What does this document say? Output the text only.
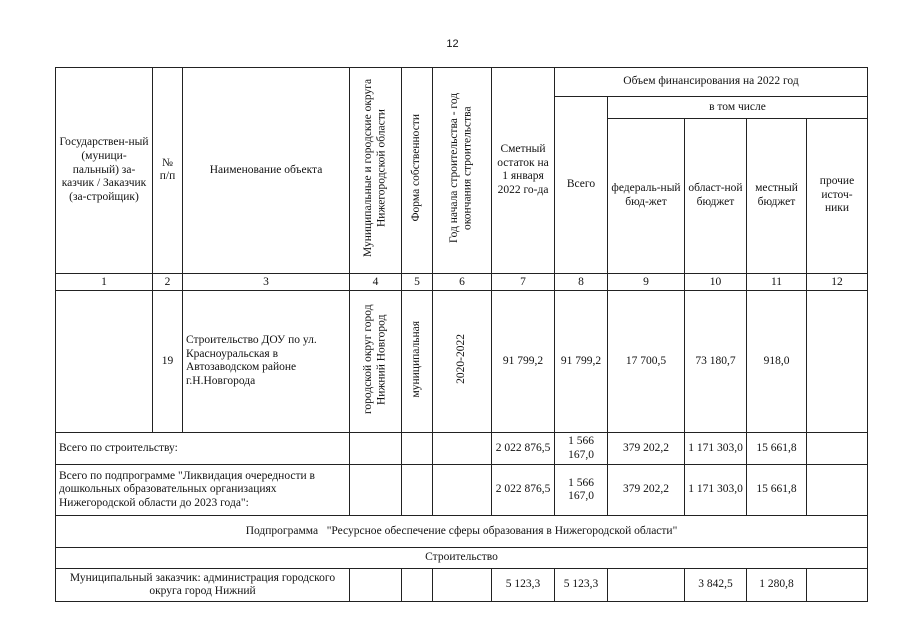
12
Государствен-ный (муници-пальный) за-казчик / Заказчик (за-стройщик)	№ п/п	Наименование объекта	Муниципальные и городские округа Нижегородской области	Форма собственности	Год начала строительства - год окончания строительства	Сметный остаток на 1 января 2022 го-да	Объем финансирования на 2022 год				
							Всего	в том числе			
								федераль-ный бюд-жет	област-ной бюджет	местный бюджет	прочие источ-ники
1	2	3	4	5	6	7	8	9	10	11	12
	19	Строительство ДОУ по ул. Красноуральская в Автозаводском районе г.Н.Новгорода	городской округ город Нижний Новгород	муниципальная	2020-2022	91 799,2	91 799,2	17 700,5	73 180,7	918,0	
Всего по строительству:						2 022 876,5	1 566 167,0	379 202,2	1 171 303,0	15 661,8	
Всего по подпрограмме "Ликвидация очередности в дошкольных образовательных организациях Нижегородской области до 2023 года":						2 022 876,5	1 566 167,0	379 202,2	1 171 303,0	15 661,8	
Подпрограмма   "Ресурсное обеспечение сферы образования в Нижегородской области"											
Строительство											
Муниципальный заказчик: администрация городского округа город Нижний						5 123,3	5 123,3		3 842,5	1 280,8	
